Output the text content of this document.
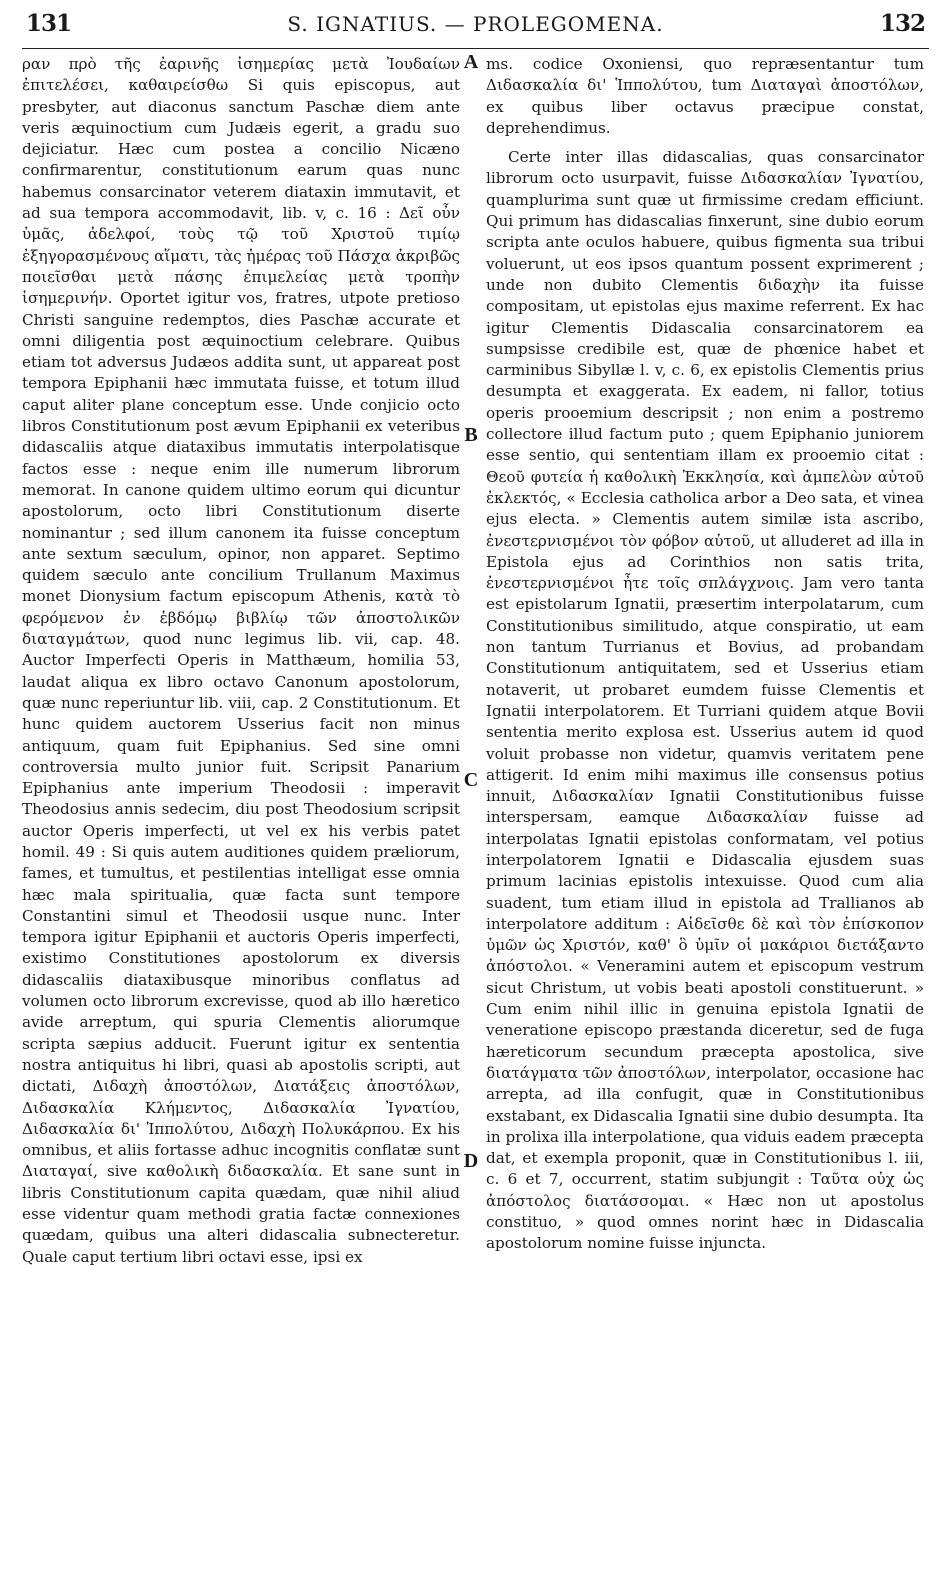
131	S. IGNATIUS. — PROLEGOMENA.	132

ραν πρὸ τῆς ἐαρινῆς ἰσημερίας μετὰ Ἰουδαίων ἐπιτελέσει, καθαιρείσθω Si quis episcopus, aut presbyter, aut diaconus sanctum Paschæ diem ante veris æquinoctium cum Judæis egerit, a gradu suo dejiciatur. Hæc cum postea a concilio Nicæno confirmarentur, constitutionum earum quas nunc habemus consarcinator veterem diataxin immutavit, et ad sua tempora accommodavit, lib. v, c. 16 : Δεῖ οὖν ὑμᾶς, ἀδελφοί, τοὺς τῷ τοῦ Χριστοῦ τιμίῳ ἐξηγορασμένους αἵματι, τὰς ἡμέρας τοῦ Πάσχα ἀκριβῶς ποιεῖσθαι μετὰ πάσης ἐπιμελείας μετὰ τροπὴν ἰσημερινήν. Oportet igitur vos, fratres, utpote pretioso Christi sanguine redemptos, dies Paschæ accurate et omni diligentia post æquinoctium celebrare. Quibus etiam tot adversus Judæos addita sunt, ut appareat post tempora Epiphanii hæc immutata fuisse, et totum illud caput aliter plane conceptum esse. Unde conjicio octo libros Constitutionum post ævum Epiphanii ex veteribus didascaliis atque diataxibus immutatis interpolatisque factos esse : neque enim ille numerum librorum memorat. In canone quidem ultimo eorum qui dicuntur apostolorum, octo libri Constitutionum diserte nominantur ; sed illum canonem ita fuisse conceptum ante sextum sæculum, opinor, non apparet. Septimo quidem sæculo ante concilium Trullanum Maximus monet Dionysium factum episcopum Athenis, κατὰ τὸ φερόμενον ἐν ἑβδόμῳ βιβλίῳ τῶν ἀποστολικῶν διαταγμάτων, quod nunc legimus lib. vii, cap. 48. Auctor Imperfecti Operis in Matthæum, homilia 53, laudat aliqua ex libro octavo Canonum apostolorum, quæ nunc reperiuntur lib. viii, cap. 2 Constitutionum. Et hunc quidem auctorem Usserius facit non minus antiquum, quam fuit Epiphanius. Sed sine omni controversia multo junior fuit. Scripsit Panarium Epiphanius ante imperium Theodosii : imperavit Theodosius annis sedecim, diu post Theodosium scripsit auctor Operis imperfecti, ut vel ex his verbis patet homil. 49 : Si quis autem auditiones quidem præliorum, fames, et tumultus, et pestilentias intelligat esse omnia hæc mala spiritualia, quæ facta sunt tempore Constantini simul et Theodosii usque nunc. Inter tempora igitur Epiphanii et auctoris Operis imperfecti, existimo Constitutiones apostolorum ex diversis didascaliis diataxibusque minoribus conflatus ad volumen octo librorum excrevisse, quod ab illo hæretico avide arreptum, qui spuria Clementis aliorumque scripta sæpius adducit. Fuerunt igitur ex sententia nostra antiquitus hi libri, quasi ab apostolis scripti, aut dictati, Διδαχὴ ἀποστόλων, Διατάξεις ἀποστόλων, Διδασκαλία Κλήμεντος, Διδασκαλία Ἰγνατίου, Διδασκαλία δι' Ἱππολύτου, Διδαχὴ Πολυκάρπου. Ex his omnibus, et aliis fortasse adhuc incognitis conflatæ sunt Διαταγαί, sive καθολικὴ διδασκαλία. Et sane sunt in libris Constitutionum capita quædam, quæ nihil aliud esse videntur quam methodi gratia factæ connexiones quædam, quibus una alteri didascalia subnecteretur. Quale caput tertium libri octavi esse, ipsi ex

A
B
C
D

ms. codice Oxoniensi, quo repræsentantur tum Διδασκαλία δι' Ἱππολύτου, tum Διαταγαὶ ἀποστόλων, ex quibus liber octavus præcipue constat, deprehendimus.

Certe inter illas didascalias, quas consarcinator librorum octo usurpavit, fuisse Διδασκαλίαν Ἰγνατίου, quamplurima sunt quæ ut firmissime credam efficiunt. Qui primum has didascalias finxerunt, sine dubio eorum scripta ante oculos habuere, quibus figmenta sua tribui voluerunt, ut eos ipsos quantum possent exprimerent ; unde non dubito Clementis διδαχὴν ita fuisse compositam, ut epistolas ejus maxime referrent. Ex hac igitur Clementis Didascalia consarcinatorem ea sumpsisse credibile est, quæ de phœnice habet et carminibus Sibyllæ l. v, c. 6, ex epistolis Clementis prius desumpta et exaggerata. Ex eadem, ni fallor, totius operis prooemium descripsit ; non enim a postremo collectore illud factum puto ; quem Epiphanio juniorem esse sentio, qui sententiam illam ex prooemio citat : Θεοῦ φυτεία ἡ καθολικὴ Ἐκκλησία, καὶ ἀμπελὼν αὐτοῦ ἐκλεκτός, « Ecclesia catholica arbor a Deo sata, et vinea ejus electa. » Clementis autem similæ ista ascribo, ἐνεστερνισμένοι τὸν φόβον αὐτοῦ, ut alluderet ad illa in Epistola ejus ad Corinthios non satis trita, ἐνεστερνισμένοι ἦτε τοῖς σπλάγχνοις. Jam vero tanta est epistolarum Ignatii, præsertim interpolatarum, cum Constitutionibus similitudo, atque conspiratio, ut eam non tantum Turrianus et Bovius, ad probandam Constitutionum antiquitatem, sed et Usserius etiam notaverit, ut probaret eumdem fuisse Clementis et Ignatii interpolatorem. Et Turriani quidem atque Bovii sententia merito explosa est. Usserius autem id quod voluit probasse non videtur, quamvis veritatem pene attigerit. Id enim mihi maximus ille consensus potius innuit, Διδασκαλίαν Ignatii Constitutionibus fuisse interspersam, eamque Διδασκαλίαν fuisse ad interpolatas Ignatii epistolas conformatam, vel potius interpolatorem Ignatii e Didascalia ejusdem suas primum lacinias epistolis intexuisse. Quod cum alia suadent, tum etiam illud in epistola ad Trallianos ab interpolatore additum : Αἰδεῖσθε δὲ καὶ τὸν ἐπίσκοπον ὑμῶν ὡς Χριστόν, καθ' ὃ ὑμῖν οἱ μακάριοι διετάξαντο ἀπόστολοι. « Veneramini autem et episcopum vestrum sicut Christum, ut vobis beati apostoli constituerunt. » Cum enim nihil illic in genuina epistola Ignatii de veneratione episcopo præstanda diceretur, sed de fuga hæreticorum secundum præcepta apostolica, sive διατάγματα τῶν ἀποστόλων, interpolator, occasione hac arrepta, ad illa confugit, quæ in Constitutionibus exstabant, ex Didascalia Ignatii sine dubio desumpta. Ita in prolixa illa interpolatione, qua viduis eadem præcepta dat, et exempla proponit, quæ in Constitutionibus l. iii, c. 6 et 7, occurrent, statim subjungit : Ταῦτα οὐχ ὡς ἀπόστολος διατάσσομαι. « Hæc non ut apostolus constituo, » quod omnes norint hæc in Didascalia apostolorum nomine fuisse injuncta.
